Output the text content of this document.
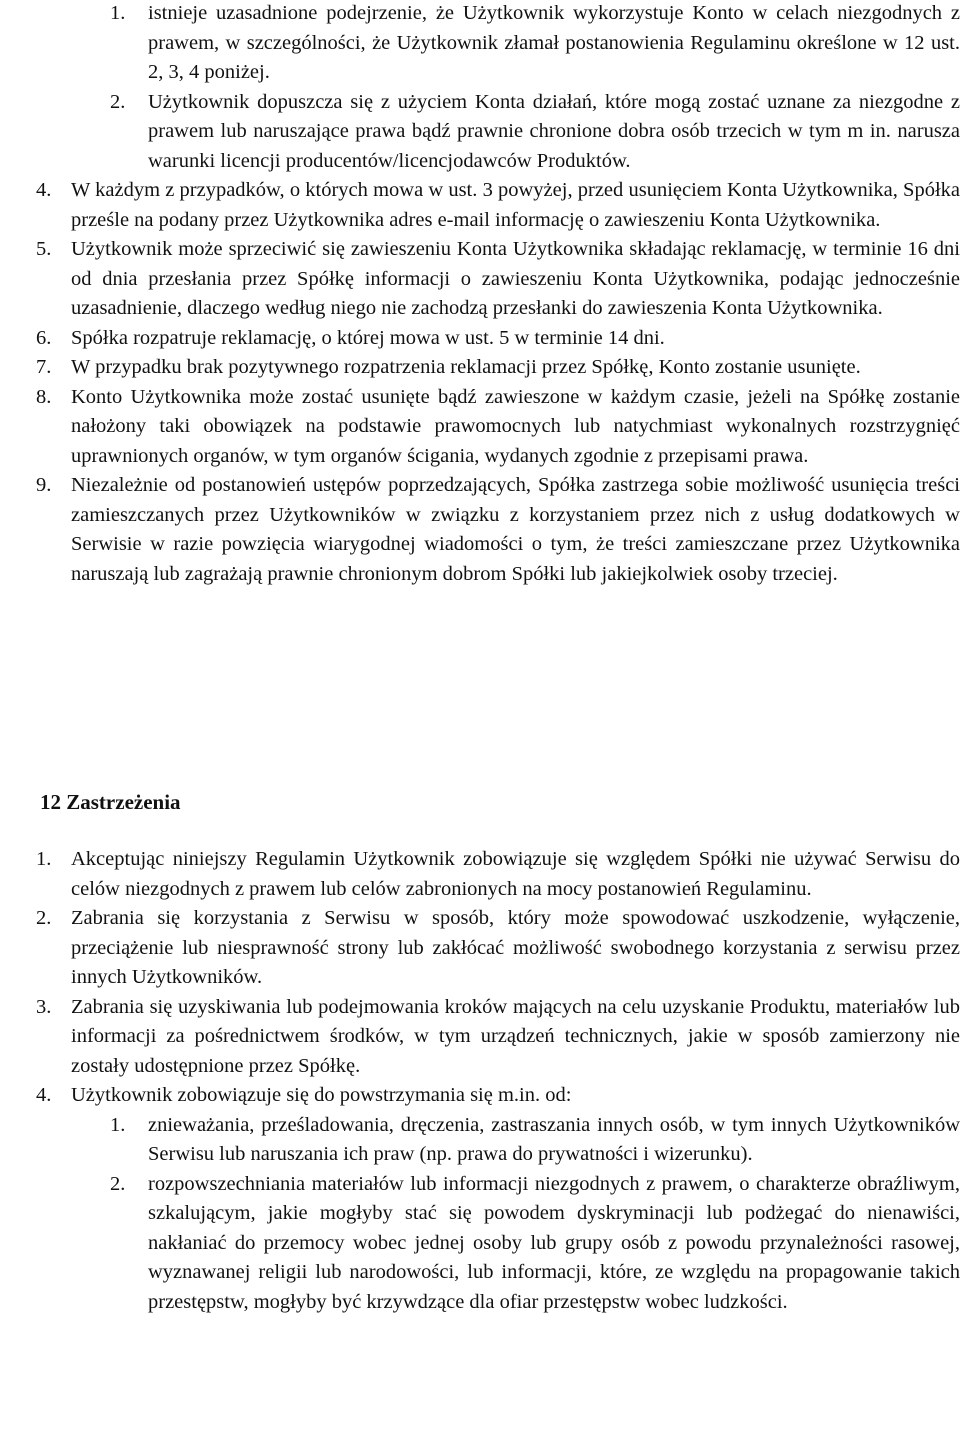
1. istnieje uzasadnione podejrzenie, że Użytkownik wykorzystuje Konto w celach niezgodnych z prawem, w szczególności, że Użytkownik złamał postanowienia Regulaminu określone w 12 ust. 2, 3, 4 poniżej.
2. Użytkownik dopuszcza się z użyciem Konta działań, które mogą zostać uznane za niezgodne z prawem lub naruszające prawa bądź prawnie chronione dobra osób trzecich w tym m in. narusza warunki licencji producentów/licencjodawców Produktów.
4. W każdym z przypadków, o których mowa w ust. 3 powyżej, przed usunięciem Konta Użytkownika, Spółka prześle na podany przez Użytkownika adres e-mail informację o zawieszeniu Konta Użytkownika.
5. Użytkownik może sprzeciwić się zawieszeniu Konta Użytkownika składając reklamację, w terminie 16 dni od dnia przesłania przez Spółkę informacji o zawieszeniu Konta Użytkownika, podając jednocześnie uzasadnienie, dlaczego według niego nie zachodzą przesłanki do zawieszenia Konta Użytkownika.
6. Spółka rozpatruje reklamację, o której mowa w ust. 5 w terminie 14 dni.
7. W przypadku brak pozytywnego rozpatrzenia reklamacji przez Spółkę, Konto zostanie usunięte.
8. Konto Użytkownika może zostać usunięte bądź zawieszone w każdym czasie, jeżeli na Spółkę zostanie nałożony taki obowiązek na podstawie prawomocnych lub natychmiast wykonalnych rozstrzygnięć uprawnionych organów, w tym organów ścigania, wydanych zgodnie z przepisami prawa.
9. Niezależnie od postanowień ustępów poprzedzających, Spółka zastrzega sobie możliwość usunięcia treści zamieszczanych przez Użytkowników w związku z korzystaniem przez nich z usług dodatkowych w Serwisie w razie powzięcia wiarygodnej wiadomości o tym, że treści zamieszczane przez Użytkownika naruszają lub zagrażają prawnie chronionym dobrom Spółki lub jakiejkolwiek osoby trzeciej.
12 Zastrzeżenia
1. Akceptując niniejszy Regulamin Użytkownik zobowiązuje się względem Spółki nie używać Serwisu do celów niezgodnych z prawem lub celów zabronionych na mocy postanowień Regulaminu.
2. Zabrania się korzystania z Serwisu w sposób, który może spowodować uszkodzenie, wyłączenie, przeciążenie lub niesprawność strony lub zakłócać możliwość swobodnego korzystania z serwisu przez innych Użytkowników.
3. Zabrania się uzyskiwania lub podejmowania kroków mających na celu uzyskanie Produktu, materiałów lub informacji za pośrednictwem środków, w tym urządzeń technicznych, jakie w sposób zamierzony nie zostały udostępnione przez Spółkę.
4. Użytkownik zobowiązuje się do powstrzymania się m.in. od:
1. znieważania, prześladowania, dręczenia, zastraszania innych osób, w tym innych Użytkowników Serwisu lub naruszania ich praw (np. prawa do prywatności i wizerunku).
2. rozpowszechniania materiałów lub informacji niezgodnych z prawem, o charakterze obraźliwym, szkalującym, jakie mogłyby stać się powodem dyskryminacji lub podżegać do nienawiści, nakłaniać do przemocy wobec jednej osoby lub grupy osób z powodu przynależności rasowej, wyznawanej religii lub narodowości, lub informacji, które, ze względu na propagowanie takich przestępstw, mogłyby być krzywdzące dla ofiar przestępstw wobec ludzkości.
